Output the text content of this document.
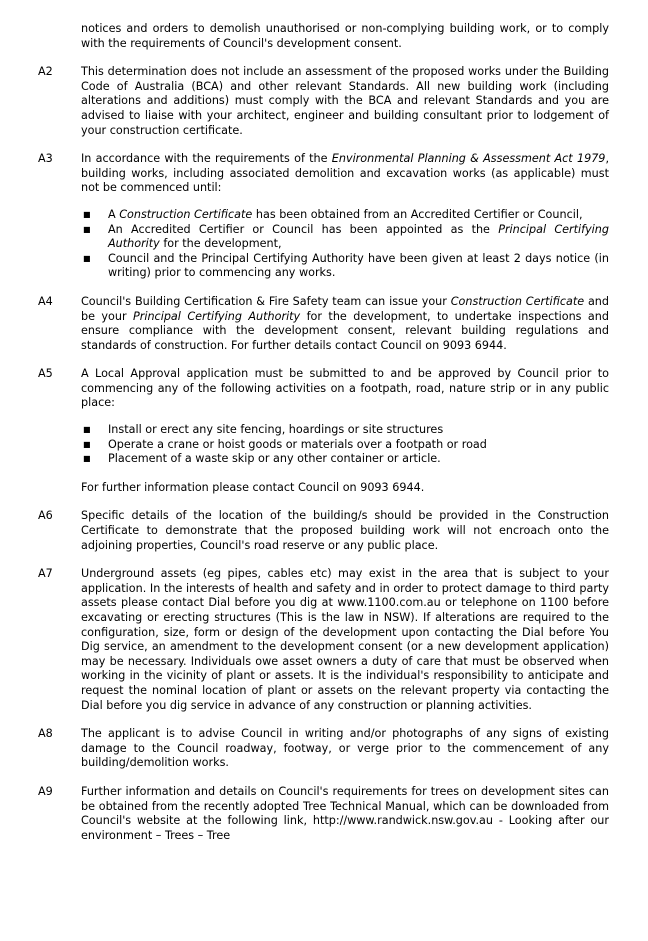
notices and orders to demolish unauthorised or non-complying building work, or to comply with the requirements of Council's development consent.

A2	This determination does not include an assessment of the proposed works under the Building Code of Australia (BCA) and other relevant Standards. All new building work (including alterations and additions) must comply with the BCA and relevant Standards and you are advised to liaise with your architect, engineer and building consultant prior to lodgement of your construction certificate.

A3	In accordance with the requirements of the Environmental Planning & Assessment Act 1979, building works, including associated demolition and excavation works (as applicable) must not be commenced until:

■ A Construction Certificate has been obtained from an Accredited Certifier or Council,
■ An Accredited Certifier or Council has been appointed as the Principal Certifying Authority for the development,
■ Council and the Principal Certifying Authority have been given at least 2 days notice (in writing) prior to commencing any works.
A4	Council's Building Certification & Fire Safety team can issue your Construction Certificate and be your Principal Certifying Authority for the development, to undertake inspections and ensure compliance with the development consent, relevant building regulations and standards of construction. For further details contact Council on 9093 6944.

A5	A Local Approval application must be submitted to and be approved by Council prior to commencing any of the following activities on a footpath, road, nature strip or in any public place:

■ Install or erect any site fencing, hoardings or site structures
■ Operate a crane or hoist goods or materials over a footpath or road
■ Placement of a waste skip or any other container or article.

For further information please contact Council on 9093 6944.

A6	Specific details of the location of the building/s should be provided in the Construction Certificate to demonstrate that the proposed building work will not encroach onto the adjoining properties, Council's road reserve or any public place.

A7	Underground assets (eg pipes, cables etc) may exist in the area that is subject to your application. In the interests of health and safety and in order to protect damage to third party assets please contact Dial before you dig at www.1100.com.au or telephone on 1100 before excavating or erecting structures (This is the law in NSW). If alterations are required to the configuration, size, form or design of the development upon contacting the Dial before You Dig service, an amendment to the development consent (or a new development application) may be necessary. Individuals owe asset owners a duty of care that must be observed when working in the vicinity of plant or assets. It is the individual's responsibility to anticipate and request the nominal location of plant or assets on the relevant property via contacting the Dial before you dig service in advance of any construction or planning activities.

A8	The applicant is to advise Council in writing and/or photographs of any signs of existing damage to the Council roadway, footway, or verge prior to the commencement of any building/demolition works.

A9	Further information and details on Council's requirements for trees on development sites can be obtained from the recently adopted Tree Technical Manual, which can be downloaded from Council's website at the following link, http://www.randwick.nsw.gov.au - Looking after our environment – Trees – Tree
